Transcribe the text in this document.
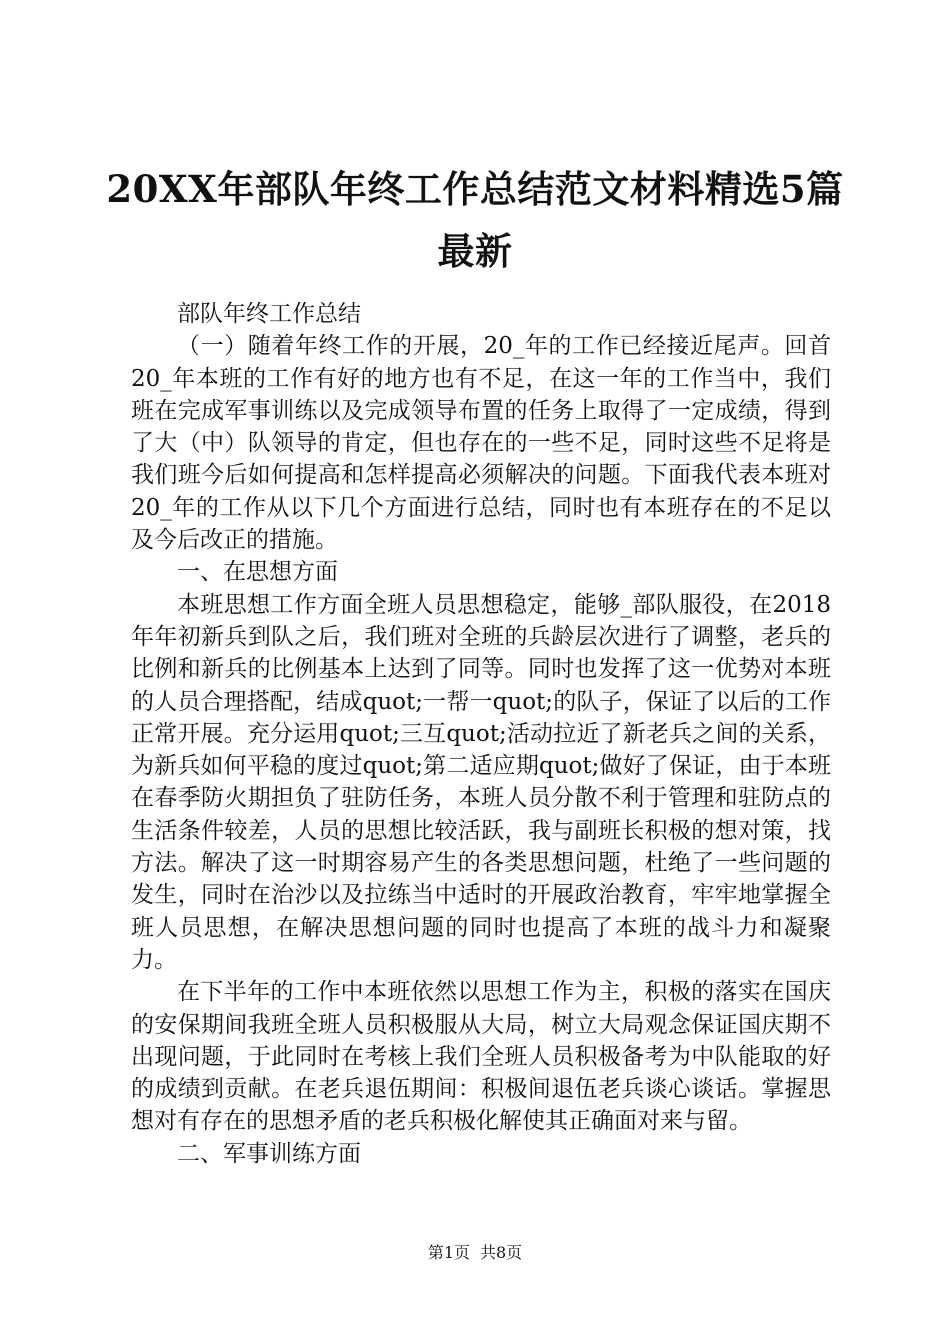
20XX年部队年终工作总结范文材料精选5篇最新

部队年终工作总结

（一）随着年终工作的开展，20_年的工作已经接近尾声。回首20_年本班的工作有好的地方也有不足，在这一年的工作当中，我们班在完成军事训练以及完成领导布置的任务上取得了一定成绩，得到了大（中）队领导的肯定，但也存在的一些不足，同时这些不足将是我们班今后如何提高和怎样提高必须解决的问题。下面我代表本班对20_年的工作从以下几个方面进行总结，同时也有本班存在的不足以及今后改正的措施。

一、在思想方面

本班思想工作方面全班人员思想稳定，能够_部队服役，在2018年年初新兵到队之后，我们班对全班的兵龄层次进行了调整，老兵的比例和新兵的比例基本上达到了同等。同时也发挥了这一优势对本班的人员合理搭配，结成quot;一帮一quot;的队子，保证了以后的工作正常开展。充分运用quot;三互quot;活动拉近了新老兵之间的关系，为新兵如何平稳的度过quot;第二适应期quot;做好了保证，由于本班在春季防火期担负了驻防任务，本班人员分散不利于管理和驻防点的生活条件较差，人员的思想比较活跃，我与副班长积极的想对策，找方法。解决了这一时期容易产生的各类思想问题，杜绝了一些问题的发生，同时在治沙以及拉练当中适时的开展政治教育，牢牢地掌握全班人员思想，在解决思想问题的同时也提高了本班的战斗力和凝聚力。

在下半年的工作中本班依然以思想工作为主，积极的落实在国庆的安保期间我班全班人员积极服从大局，树立大局观念保证国庆期不出现问题，于此同时在考核上我们全班人员积极备考为中队能取的好的成绩到贡献。在老兵退伍期间：积极间退伍老兵谈心谈话。掌握思想对有存在的思想矛盾的老兵积极化解使其正确面对来与留。

二、军事训练方面

第1页 共8页
